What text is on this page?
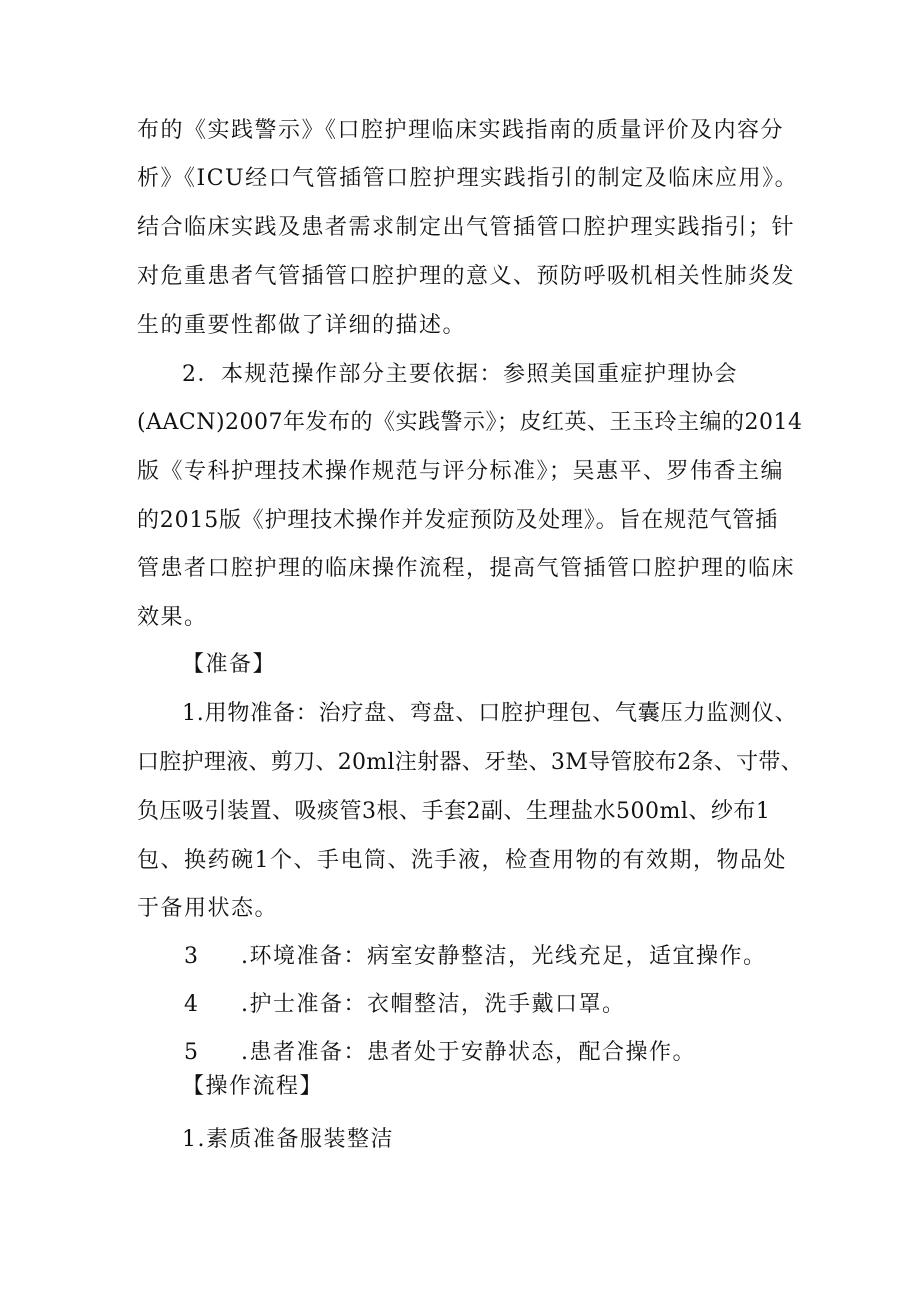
布的《实践警示》《口腔护理临床实践指南的质量评价及内容分
析》《ICU经口气管插管口腔护理实践指引的制定及临床应用》。
结合临床实践及患者需求制定出气管插管口腔护理实践指引；针
对危重患者气管插管口腔护理的意义、预防呼吸机相关性肺炎发
生的重要性都做了详细的描述。
2．本规范操作部分主要依据：参照美国重症护理协会
(AACN)2007年发布的《实践警示》；皮红英、王玉玲主编的2014
版《专科护理技术操作规范与评分标准》；吴惠平、罗伟香主编
的2015版《护理技术操作并发症预防及处理》。旨在规范气管插
管患者口腔护理的临床操作流程，提高气管插管口腔护理的临床
效果。
【准备】
1.用物准备：治疗盘、弯盘、口腔护理包、气囊压力监测仪、
口腔护理液、剪刀、20ml注射器、牙垫、3M导管胶布2条、寸带、
负压吸引装置、吸痰管3根、手套2副、生理盐水500ml、纱布1
包、换药碗1个、手电筒、洗手液，检查用物的有效期，物品处
于备用状态。
3 .环境准备：病室安静整洁，光线充足，适宜操作。
4 .护士准备：衣帽整洁，洗手戴口罩。
5 .患者准备：患者处于安静状态，配合操作。
【操作流程】
1.素质准备服装整洁
